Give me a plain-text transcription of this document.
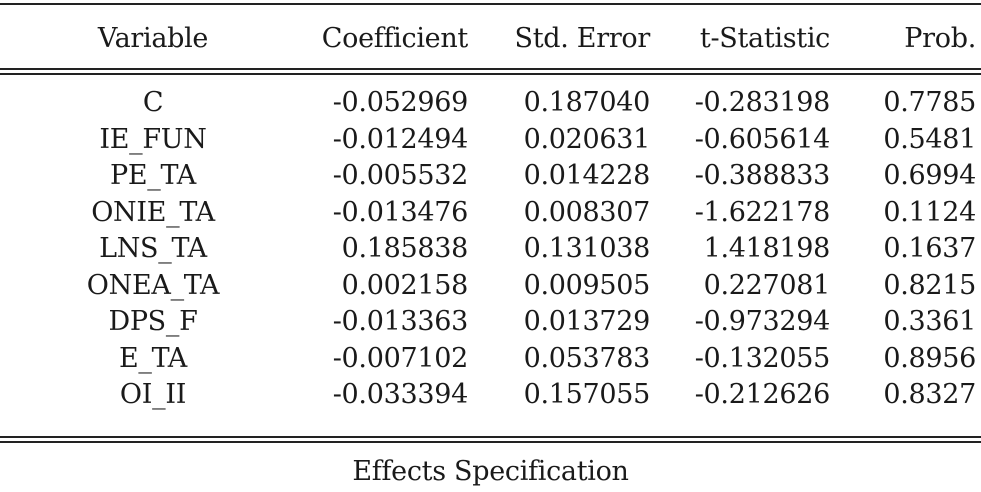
Variable	Coefficient	Std. Error	t-Statistic	Prob.
C	-0.052969	0.187040	-0.283198	0.7785
IE_FUN	-0.012494	0.020631	-0.605614	0.5481
PE_TA	-0.005532	0.014228	-0.388833	0.6994
ONIE_TA	-0.013476	0.008307	-1.622178	0.1124
LNS_TA	0.185838	0.131038	1.418198	0.1637
ONEA_TA	0.002158	0.009505	0.227081	0.8215
DPS_F	-0.013363	0.013729	-0.973294	0.3361
E_TA	-0.007102	0.053783	-0.132055	0.8956
OI_II	-0.033394	0.157055	-0.212626	0.8327
Effects Specification
